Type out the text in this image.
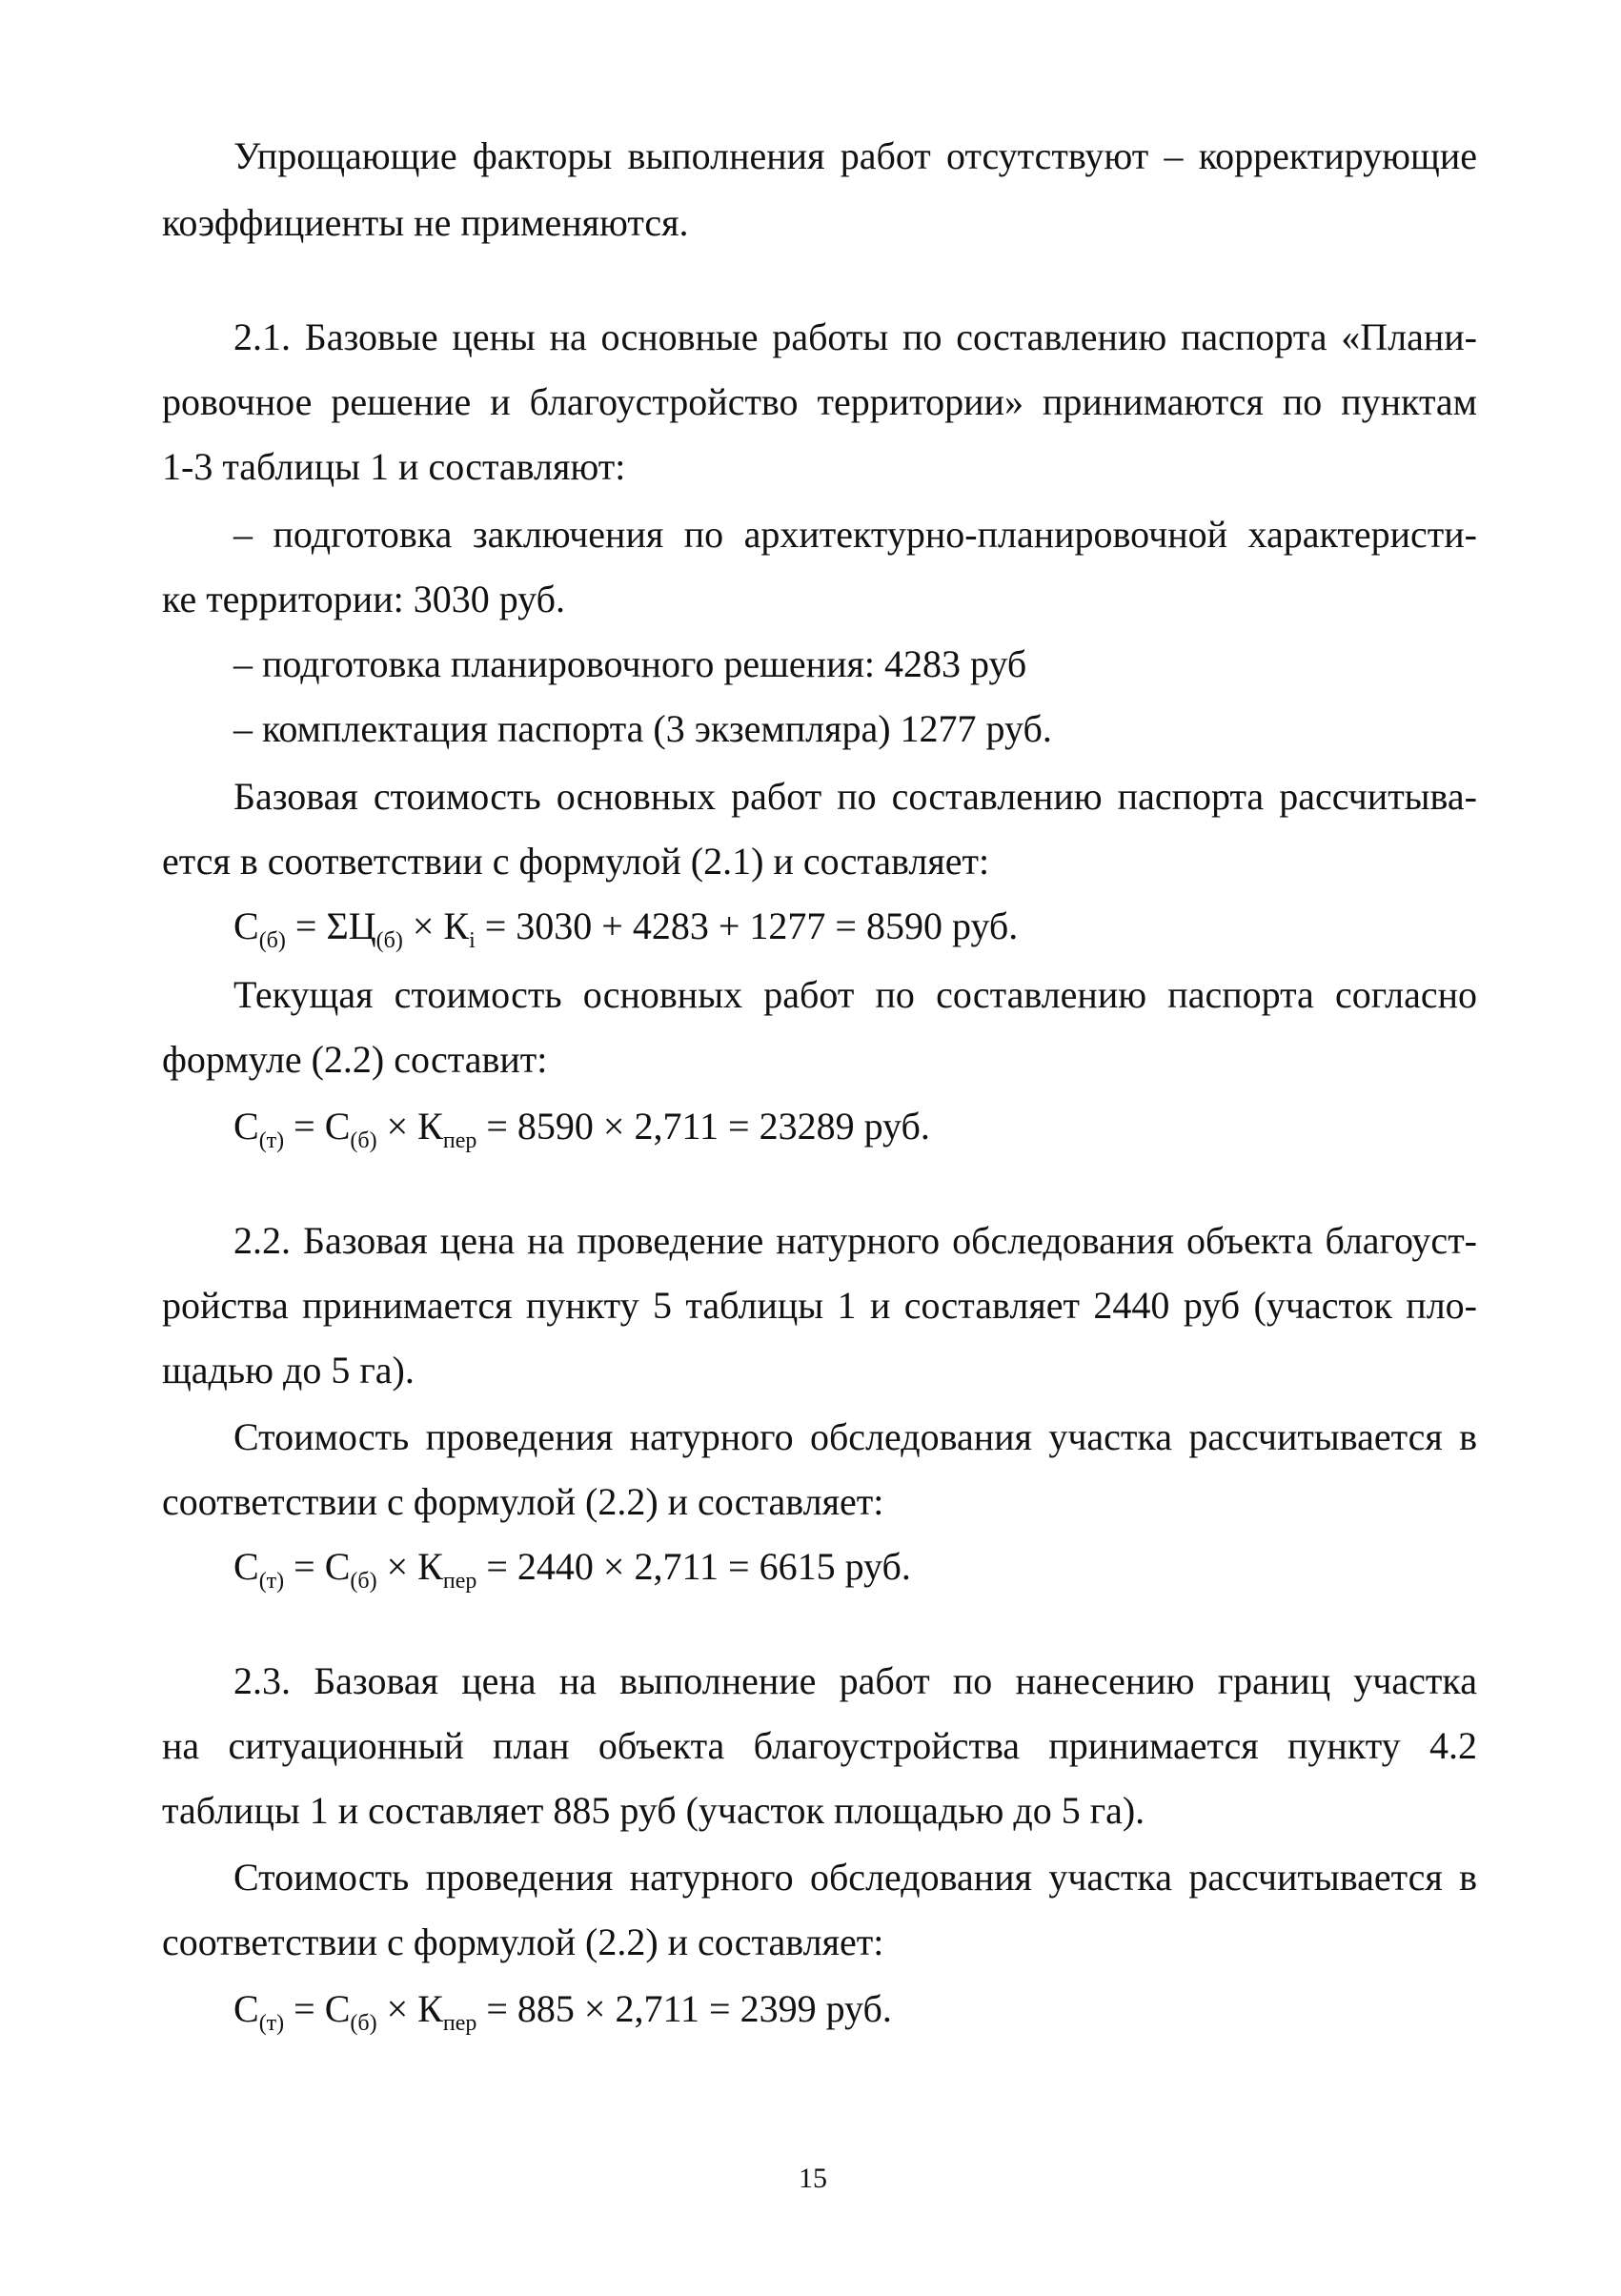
Упрощающие факторы выполнения работ отсутствуют – корректирующие
коэффициенты не применяются.
2.1. Базовые цены на основные работы по составлению паспорта «Плани-
ровочное решение и благоустройство территории» принимаются по пунктам
1-3 таблицы 1 и составляют:
– подготовка заключения по архитектурно-планировочной характеристи-
ке территории: 3030 руб.
– подготовка планировочного решения: 4283 руб
– комплектация паспорта (3 экземпляра) 1277 руб.
Базовая стоимость основных работ по составлению паспорта рассчитыва-
ется в соответствии с формулой (2.1) и составляет:
$С_{(б)} = \Sigma Ц_{(б)} \times К_i = 3030 + 4283 + 1277 = 8590$ руб.
Текущая стоимость основных работ по составлению паспорта согласно
формуле (2.2) составит:
$С_{(т)} = С_{(б)} \times К_{пер} = 8590 \times 2,711 = 23289$ руб.
2.2. Базовая цена на проведение натурного обследования объекта благоуст-
ройства принимается пункту 5 таблицы 1 и составляет 2440 руб (участок пло-
щадью до 5 га).
Стоимость проведения натурного обследования участка рассчитывается в
соответствии с формулой (2.2) и составляет:
$С_{(т)} = С_{(б)} \times К_{пер} = 2440 \times 2,711 = 6615$ руб.
2.3. Базовая цена на выполнение работ по нанесению границ участка
на ситуационный план объекта благоустройства принимается пункту 4.2
таблицы 1 и составляет 885 руб (участок площадью до 5 га).
Стоимость проведения натурного обследования участка рассчитывается в
соответствии с формулой (2.2) и составляет:
$С_{(т)} = С_{(б)} \times К_{пер} = 885 \times 2,711 = 2399$ руб.
15
